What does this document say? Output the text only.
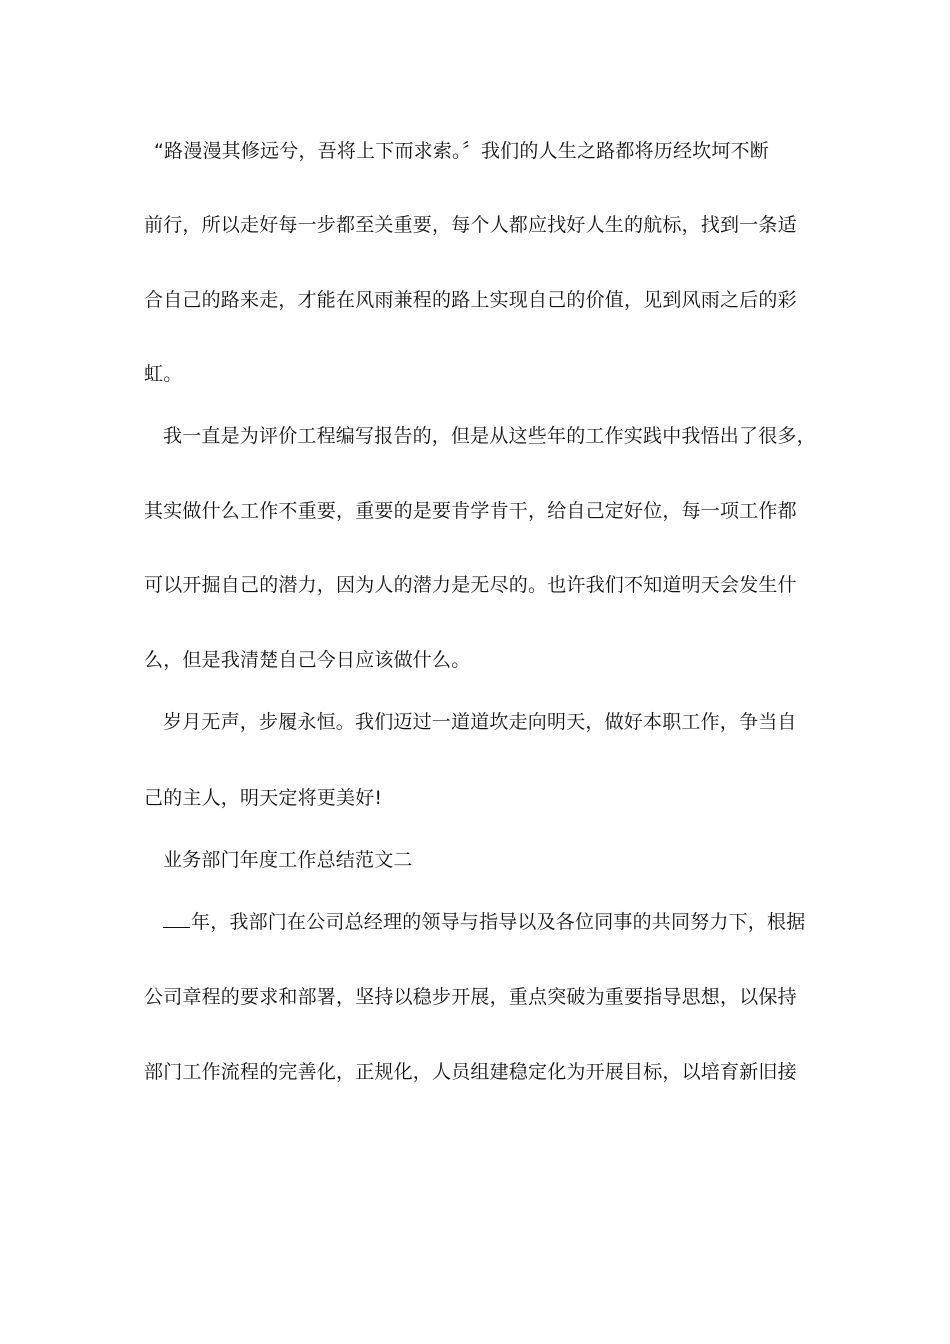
“路漫漫其修远兮，吾将上下而求索。〞我们的人生之路都将历经坎坷不断
前行，所以走好每一步都至关重要，每个人都应找好人生的航标，找到一条适
合自己的路来走，才能在风雨兼程的路上实现自己的价值，见到风雨之后的彩
虹。
我一直是为评价工程编写报告的，但是从这些年的工作实践中我悟出了很多，
其实做什么工作不重要，重要的是要肯学肯干，给自己定好位，每一项工作都
可以开掘自己的潜力，因为人的潜力是无尽的。也许我们不知道明天会发生什
么，但是我清楚自己今日应该做什么。
岁月无声，步履永恒。我们迈过一道道坎走向明天，做好本职工作，争当自
己的主人，明天定将更美好!
业务部门年度工作总结范文二
年，我部门在公司总经理的领导与指导以及各位同事的共同努力下，根据
公司章程的要求和部署，坚持以稳步开展，重点突破为重要指导思想，以保持
部门工作流程的完善化，正规化，人员组建稳定化为开展目标，以培育新旧接
